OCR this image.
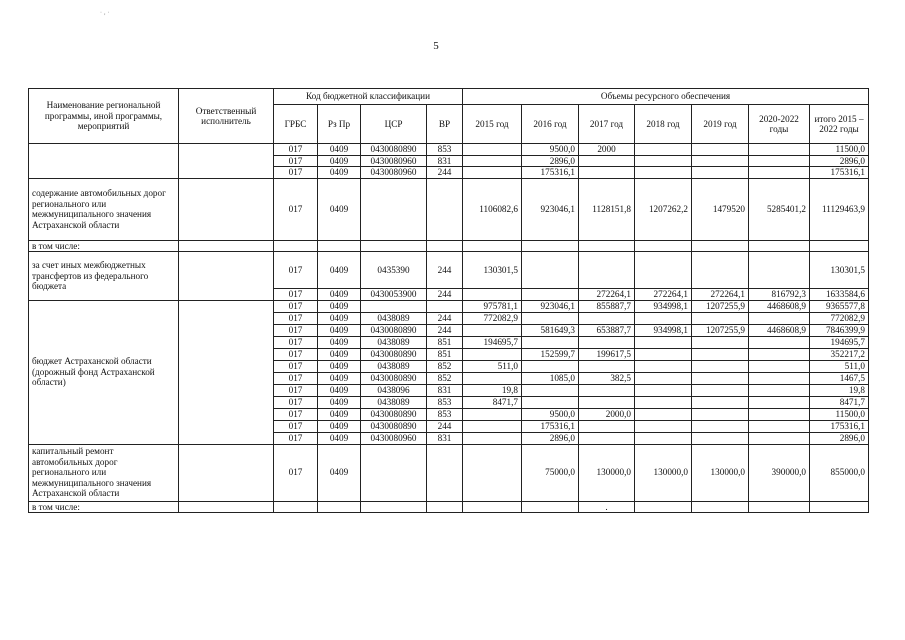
·,·
5
Наименование региональной программы, иной программы, мероприятий	Ответственный исполнитель	Код бюджетной классификации				Объемы ресурсного обеспечения						
		ГРБС	Рз Пр	ЦСР	ВР	2015 год	2016 год	2017 год	2018 год	2019 год	2020-2022 годы	итого 2015 – 2022 годы
		017	0409	0430080890	853		9500,0	2000				11500,0
		017	0409	0430080960	831		2896,0					2896,0
		017	0409	0430080960	244		175316,1					175316,1
содержание автомобильных дорог регионального или межмуниципального значения Астраханской области		017	0409			1106082,6	923046,1	1128151,8	1207262,2	1479520	5285401,2	11129463,9
в том числе:												
за счет иных межбюджетных трансфертов из федерального бюджета		017	0409	0435390	244	130301,5						130301,5
		017	0409	0430053900	244			272264,1	272264,1	272264,1	816792,3	1633584,6
бюджет Астраханской области (дорожный фонд Астраханской области)		017	0409			975781,1	923046,1	855887,7	934998,1	1207255,9	4468608,9	9365577,8
		017	0409	0438089	244	772082,9						772082,9
		017	0409	0430080890	244		581649,3	653887,7	934998,1	1207255,9	4468608,9	7846399,9
		017	0409	0438089	851	194695,7						194695,7
		017	0409	0430080890	851		152599,7	199617,5				352217,2
		017	0409	0438089	852	511,0						511,0
		017	0409	0430080890	852		1085,0	382,5				1467,5
		017	0409	0438096	831	19,8						19,8
		017	0409	0438089	853	8471,7						8471,7
		017	0409	0430080890	853		9500,0	2000,0				11500,0
		017	0409	0430080890	244		175316,1					175316,1
		017	0409	0430080960	831		2896,0					2896,0
капитальный ремонт автомобильных дорог регионального или межмуниципального значения Астраханской области		017	0409				75000,0	130000,0	130000,0	130000,0	390000,0	855000,0
в том числе:								.				
